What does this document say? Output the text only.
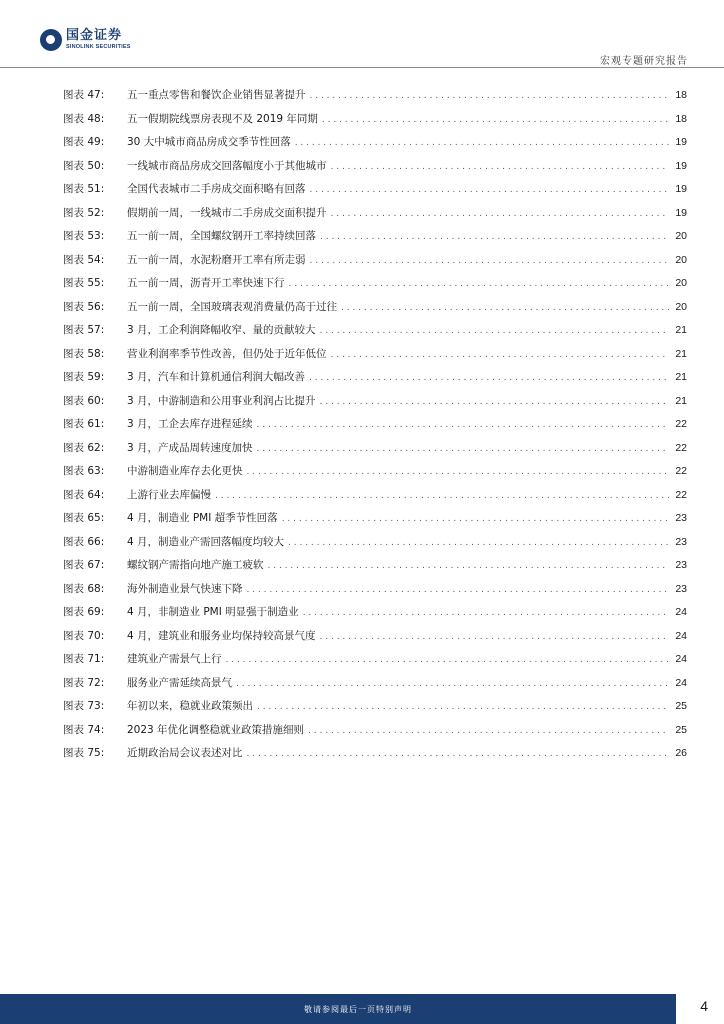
国金证券
SINOLINK SECURITIES
宏观专题研究报告
图表 47:	五一重点零售和餐饮企业销售显著提升 . . .	18
图表 48:	五一假期院线票房表现不及 2019 年同期 . . .	18
图表 49:	30 大中城市商品房成交季节性回落 . . .	19
图表 50:	一线城市商品房成交回落幅度小于其他城市 . . .	19
图表 51:	全国代表城市二手房成交面积略有回落 . . .	19
图表 52:	假期前一周，一线城市二手房成交面积提升 . . .	19
图表 53:	五一前一周，全国螺纹钢开工率持续回落 . . .	20
图表 54:	五一前一周，水泥粉磨开工率有所走弱 . . .	20
图表 55:	五一前一周，沥青开工率快速下行 . . .	20
图表 56:	五一前一周，全国玻璃表观消费量仍高于过往 . . .	20
图表 57:	3 月，工企利润降幅收窄、量的贡献较大 . . .	21
图表 58:	营业利润率季节性改善，但仍处于近年低位 . . .	21
图表 59:	3 月，汽车和计算机通信利润大幅改善 . . .	21
图表 60:	3 月，中游制造和公用事业利润占比提升 . . .	21
图表 61:	3 月，工企去库存进程延续 . . .	22
图表 62:	3 月，产成品周转速度加快 . . .	22
图表 63:	中游制造业库存去化更快 . . .	22
图表 64:	上游行业去库偏慢 . . .	22
图表 65:	4 月，制造业 PMI 超季节性回落 . . .	23
图表 66:	4 月，制造业产需回落幅度均较大 . . .	23
图表 67:	螺纹钢产需指向地产施工疲软 . . .	23
图表 68:	海外制造业景气快速下降 . . .	23
图表 69:	4 月，非制造业 PMI 明显强于制造业 . . .	24
图表 70:	4 月，建筑业和服务业均保持较高景气度 . . .	24
图表 71:	建筑业产需景气上行 . . .	24
图表 72:	服务业产需延续高景气 . . .	24
图表 73:	年初以来，稳就业政策频出 . . .	25
图表 74:	2023 年优化调整稳就业政策措施细则 . . .	25
图表 75:	近期政治局会议表述对比 . . .	26
敬请参阅最后一页特别声明	4
